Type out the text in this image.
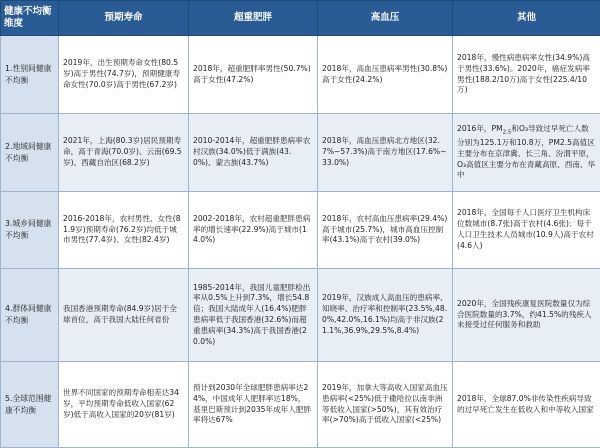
健康不均衡维度	预期寿命	超重肥胖	高血压	其他
1.性别间健康不均衡	2019年，出生预期寿命女性(80.5岁)高于男性(74.7岁)，预期健康寿命女性(70.0岁)高于男性(67.2岁)	2018年，超重肥胖率男性(50.7%)高于女性(47.2%)	2018年，高血压患病率男性(30.8%)高于女性(24.2%)	2018年，慢性病患病率女性(34.9%)高于男性(33.6%)。2020年，癌症发病率男性(188.2/10万)高于女性(225.4/10万)
2.地域间健康不均衡	2021年，上海(80.3岁)居民预期寿命，高于青海(70.0岁)、云南(69.5岁)、西藏自治区(68.2岁)	2010-2014年，超重肥胖患病率农村汉族(34.0%)低于满族(43.0%)、蒙古族(43.7%)	2018年，高血压患病北方地区(32.7%~57.3%)高于南方地区(17.6%~33.0%)	2016年，$PM_{2.5}$和O₃导致过早死亡人数分别为125.1万和10.8万，PM2.5高值区主要分布在京津冀、长三角、汾渭平原，O₃高值区主要分布在青藏高原、西南、华中
3.城乡间健康不均衡	2016-2018年，农村男性、女性(81.9岁)预期寿命(76.2岁)均低于城市男性(77.4岁)、女性(82.4岁)	2002-2018年，农村超重肥胖患病率的增长速率(22.9%)高于城市(14.0%)	2018年，农村高血压患病率(29.4%)高于城市(25.7%)，城市高血压控制率(43.1%)高于农村(39.0%)	2018年，全国每千人口医疗卫生机构床位数城市(8.7张)高于农村(4.6张)；每千人口卫生技术人员城市(10.9人)高于农村(4.6人)
4.群体间健康不均衡	我国香港预期寿命(84.9岁)居于全球首位，高于我国大陆任何省份	1985-2014年，我国儿童肥胖检出率从0.5%上升到7.3%，增长54.8倍；我国大陆成年人(16.4%)肥胖患病率低于我国香港(32.6%)而超重患病率(34.3%)高于我国香港(20.0%)	2019年，汉族成人高血压的患病率、知晓率、治疗率和控制率(23.5%,48.0%,42.0%,16.1%)均高于非汉族(21.1%,36.9%,29.5%,8.4%)	2020年，全国残疾康复医院数量仅为综合医院数量的3.7%，约41.5%的残疾人未接受过任何服务和救助
5.全球范围健康不均衡	世界不同国家的预期寿命相差达34岁，平均预期寿命低收入国家(62岁)低于高收入国家的20岁(81岁)	预计到2030年全球肥胖患病率达24%，中国成年人肥胖率达18%，基里巴斯预计到2035年成年人肥胖率将达67%	2019年，加拿大等高收入国家高血压患病率(<25%)低于撒哈拉以南非洲等低收入国家(>50%)，其有效治疗率(>70%)高于低收入国家(<25%)	2018年，全球87.0%非传染性疾病导致的过早死亡发生在低收入和中等收入国家
